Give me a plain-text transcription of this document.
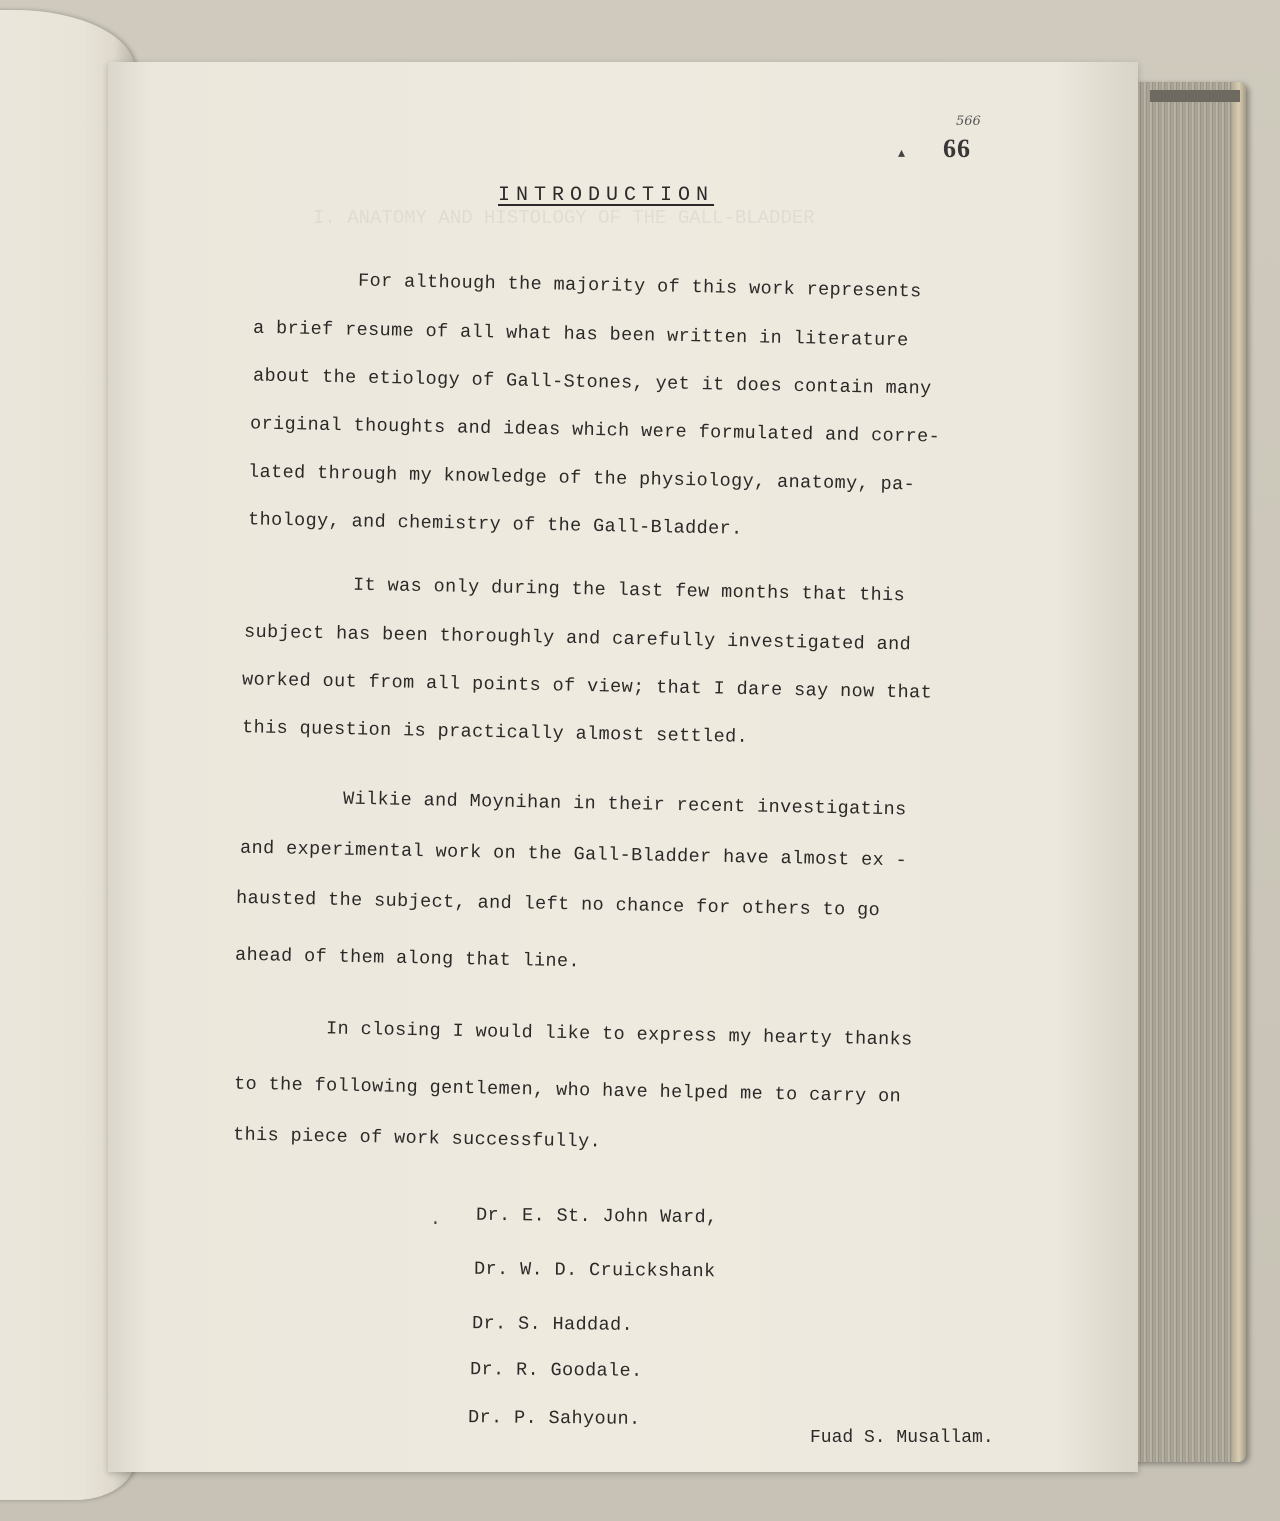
I. ANATOMY AND HISTOLOGY OF THE GALL-BLADDER
▴
566
66
INTRODUCTION
For although the majority of this work represents
a brief resume of all what has been written in literature
about the etiology of Gall-Stones, yet it does contain many
original thoughts and ideas which were formulated and corre-
lated through my knowledge of the physiology, anatomy, pa-
thology, and chemistry of the Gall-Bladder.
It was only during the last few months that this
subject has been thoroughly and carefully investigated and
worked out from all points of view; that I dare say now that
this question is practically almost settled.
Wilkie and Moynihan in their recent investigatins
and experimental work on the Gall-Bladder have almost ex -
hausted the subject, and left no chance for others to go
ahead of them along that line.
In closing I would like to express my hearty thanks
to the following gentlemen, who have helped me to carry on
this piece of work successfully.
. Dr. E. St. John Ward,
Dr. W. D. Cruickshank
Dr. S. Haddad.
Dr. R. Goodale.
Dr. P. Sahyoun.
Fuad S. Musallam.
